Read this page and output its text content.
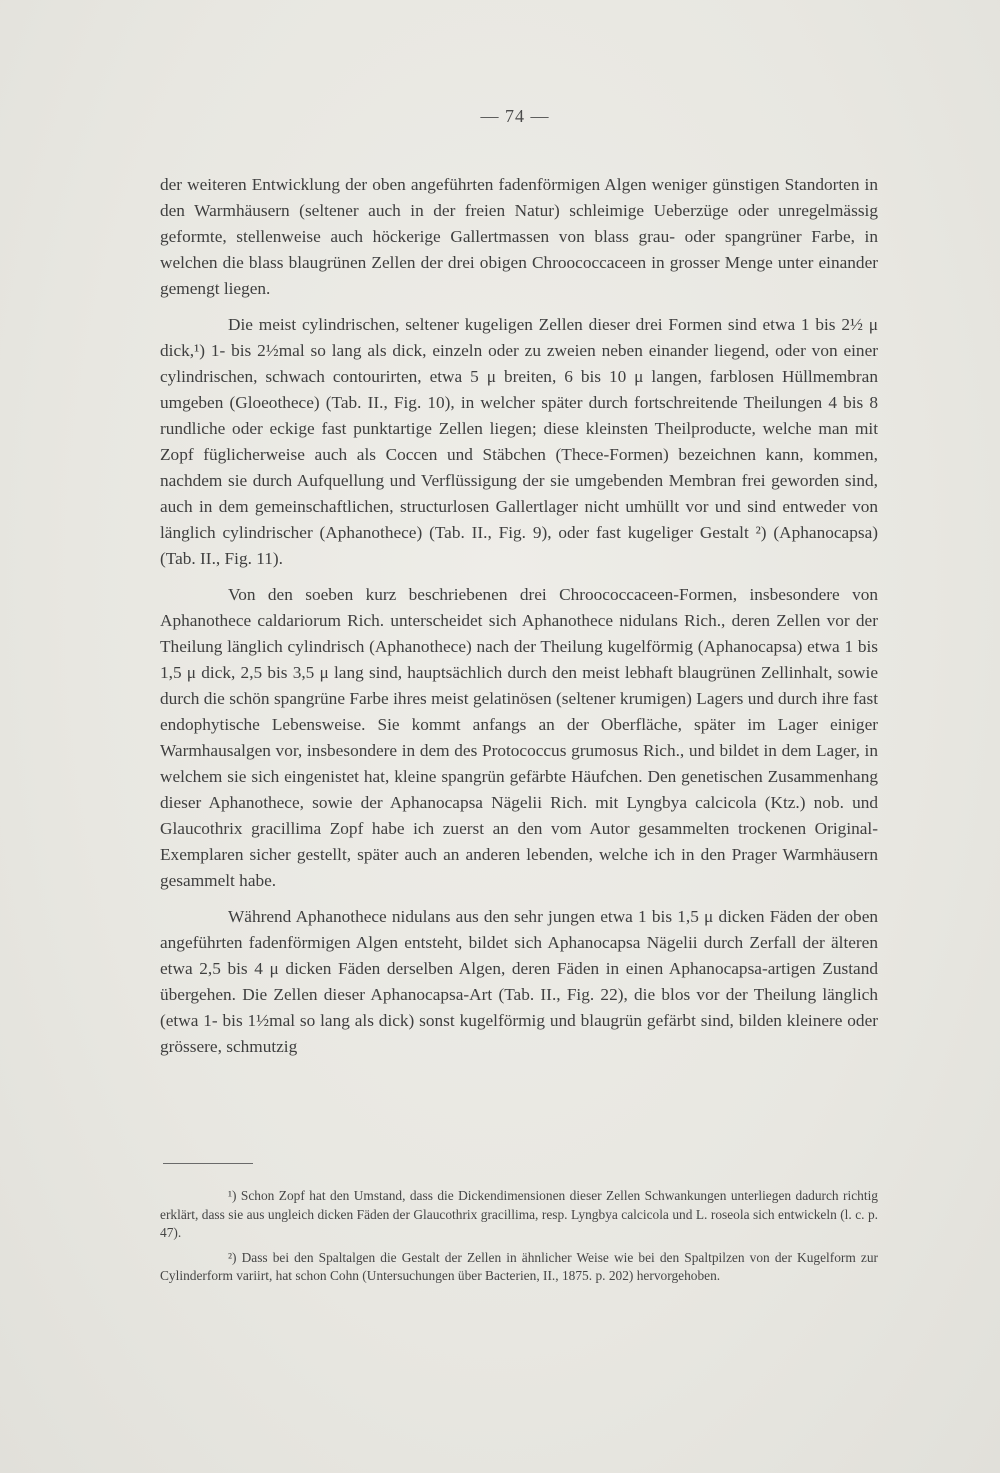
— 74 —

der weiteren Entwicklung der oben angeführten fadenförmigen Algen weniger günstigen Standorten in den Warmhäusern (seltener auch in der freien Natur) schleimige Ueberzüge oder unregelmässig geformte, stellenweise auch höckerige Gallertmassen von blass grau- oder spangrüner Farbe, in welchen die blass blaugrünen Zellen der drei obigen Chroococcaceen in grosser Menge unter einander gemengt liegen.

Die meist cylindrischen, seltener kugeligen Zellen dieser drei Formen sind etwa 1 bis 2½ μ dick,¹) 1- bis 2½mal so lang als dick, einzeln oder zu zweien neben einander liegend, oder von einer cylindrischen, schwach contourirten, etwa 5 μ breiten, 6 bis 10 μ langen, farblosen Hüllmembran umgeben (Gloeothece) (Tab. II., Fig. 10), in welcher später durch fortschreitende Theilungen 4 bis 8 rundliche oder eckige fast punktartige Zellen liegen; diese kleinsten Theilproducte, welche man mit Zopf füglicherweise auch als Coccen und Stäbchen (Thece-Formen) bezeichnen kann, kommen, nachdem sie durch Aufquellung und Verflüssigung der sie umgebenden Membran frei geworden sind, auch in dem gemeinschaftlichen, structurlosen Gallertlager nicht umhüllt vor und sind entweder von länglich cylindrischer (Aphanothece) (Tab. II., Fig. 9), oder fast kugeliger Gestalt ²) (Aphanocapsa) (Tab. II., Fig. 11).

Von den soeben kurz beschriebenen drei Chroococcaceen-Formen, insbesondere von Aphanothece caldariorum Rich. unterscheidet sich Aphanothece nidulans Rich., deren Zellen vor der Theilung länglich cylindrisch (Aphanothece) nach der Theilung kugelförmig (Aphanocapsa) etwa 1 bis 1,5 μ dick, 2,5 bis 3,5 μ lang sind, hauptsächlich durch den meist lebhaft blaugrünen Zellinhalt, sowie durch die schön spangrüne Farbe ihres meist gelatinösen (seltener krumigen) Lagers und durch ihre fast endophytische Lebensweise. Sie kommt anfangs an der Oberfläche, später im Lager einiger Warmhausalgen vor, insbesondere in dem des Protococcus grumosus Rich., und bildet in dem Lager, in welchem sie sich eingenistet hat, kleine spangrün gefärbte Häufchen. Den genetischen Zusammenhang dieser Aphanothece, sowie der Aphanocapsa Nägelii Rich. mit Lyngbya calcicola (Ktz.) nob. und Glaucothrix gracillima Zopf habe ich zuerst an den vom Autor gesammelten trockenen Original-Exemplaren sicher gestellt, später auch an anderen lebenden, welche ich in den Prager Warmhäusern gesammelt habe.

Während Aphanothece nidulans aus den sehr jungen etwa 1 bis 1,5 μ dicken Fäden der oben angeführten fadenförmigen Algen entsteht, bildet sich Aphanocapsa Nägelii durch Zerfall der älteren etwa 2,5 bis 4 μ dicken Fäden derselben Algen, deren Fäden in einen Aphanocapsa-artigen Zustand übergehen. Die Zellen dieser Aphanocapsa-Art (Tab. II., Fig. 22), die blos vor der Theilung länglich (etwa 1- bis 1½mal so lang als dick) sonst kugelförmig und blaugrün gefärbt sind, bilden kleinere oder grössere, schmutzig

¹) Schon Zopf hat den Umstand, dass die Dickendimensionen dieser Zellen Schwankungen unterliegen dadurch richtig erklärt, dass sie aus ungleich dicken Fäden der Glaucothrix gracillima, resp. Lyngbya calcicola und L. roseola sich entwickeln (l. c. p. 47).

²) Dass bei den Spaltalgen die Gestalt der Zellen in ähnlicher Weise wie bei den Spaltpilzen von der Kugelform zur Cylinderform variirt, hat schon Cohn (Untersuchungen über Bacterien, II., 1875. p. 202) hervorgehoben.
